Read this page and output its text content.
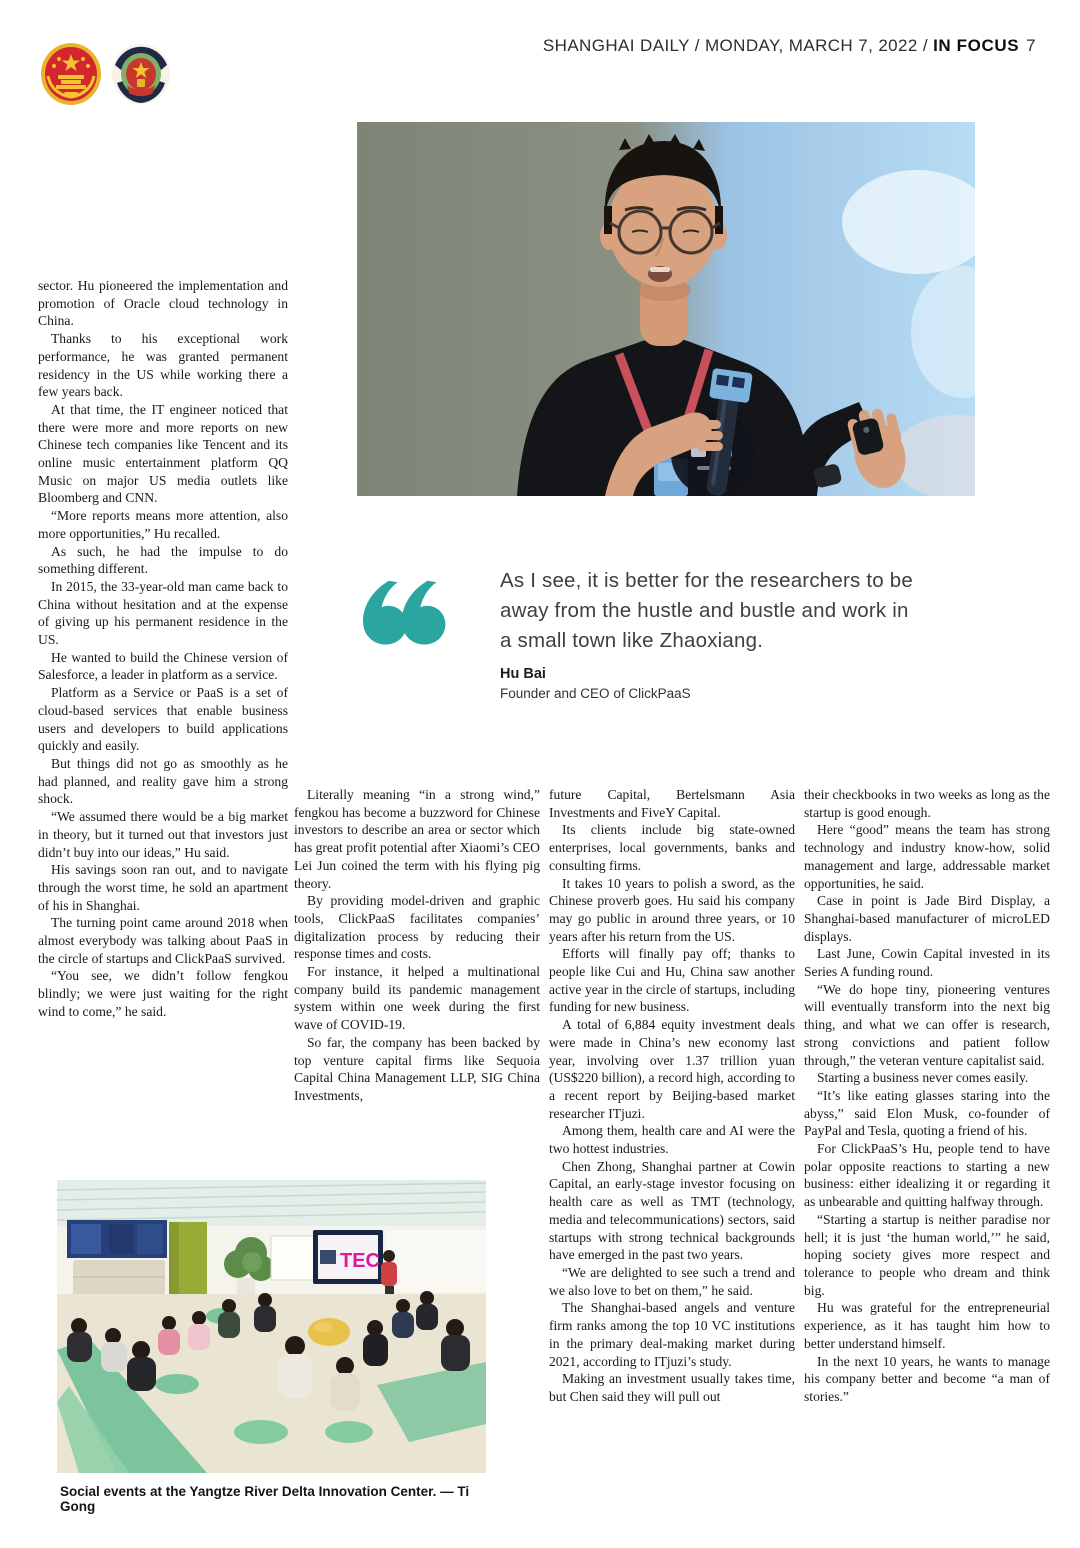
SHANGHAI DAILY / MONDAY, MARCH 7, 2022 / IN FOCUS 7
As I see, it is better for the researchers to be away from the hustle and bustle and work in a small town like Zhaoxiang.
Hu Bai
Founder and CEO of ClickPaaS

sector. Hu pioneered the implementation and promotion of Oracle cloud technology in China.

Thanks to his exceptional work performance, he was granted permanent residency in the US while working there a few years back.

At that time, the IT engineer noticed that there were more and more reports on new Chinese tech companies like Tencent and its online music entertainment platform QQ Music on major US media outlets like Bloomberg and CNN.

“More reports means more attention, also more opportunities,” Hu recalled.

As such, he had the impulse to do something different.

In 2015, the 33-year-old man came back to China without hesitation and at the expense of giving up his permanent residence in the US.

He wanted to build the Chinese version of Salesforce, a leader in platform as a service.

Platform as a Service or PaaS is a set of cloud-based services that enable business users and developers to build applications quickly and easily.

But things did not go as smoothly as he had planned, and reality gave him a strong shock.

“We assumed there would be a big market in theory, but it turned out that investors just didn’t buy into our ideas,” Hu said.

His savings soon ran out, and to navigate through the worst time, he sold an apartment of his in Shanghai.

The turning point came around 2018 when almost everybody was talking about PaaS in the circle of startups and ClickPaaS survived.

“You see, we didn’t follow fengkou blindly; we were just waiting for the right wind to come,” he said.

Literally meaning “in a strong wind,” fengkou has become a buzzword for Chinese investors to describe an area or sector which has great profit potential after Xiaomi’s CEO Lei Jun coined the term with his flying pig theory.

By providing model-driven and graphic tools, ClickPaaS facilitates companies’ digitalization process by reducing their response times and costs.

For instance, it helped a multinational company build its pandemic management system within one week during the first wave of COVID-19.

So far, the company has been backed by top venture capital firms like Sequoia Capital China Management LLP, SIG China Investments,

future Capital, Bertelsmann Asia Investments and FiveY Capital.

Its clients include big state-owned enterprises, local governments, banks and consulting firms.

It takes 10 years to polish a sword, as the Chinese proverb goes. Hu said his company may go public in around three years, or 10 years after his return from the US.

Efforts will finally pay off; thanks to people like Cui and Hu, China saw another active year in the circle of startups, including funding for new business.

A total of 6,884 equity investment deals were made in China’s new economy last year, involving over 1.37 trillion yuan (US$220 billion), a record high, according to a recent report by Beijing-based market researcher ITjuzi.

Among them, health care and AI were the two hottest industries.

Chen Zhong, Shanghai partner at Cowin Capital, an early-stage investor focusing on health care as well as TMT (technology, media and telecommunications) sectors, said startups with strong technical backgrounds have emerged in the past two years.

“We are delighted to see such a trend and we also love to bet on them,” he said.

The Shanghai-based angels and venture firm ranks among the top 10 VC institutions in the primary deal-making market during 2021, according to ITjuzi’s study.

Making an investment usually takes time, but Chen said they will pull out

their checkbooks in two weeks as long as the startup is good enough.

Here “good” means the team has strong technology and industry know-how, solid management and large, addressable market opportunities, he said.

Case in point is Jade Bird Display, a Shanghai-based manufacturer of microLED displays.

Last June, Cowin Capital invested in its Series A funding round.

“We do hope tiny, pioneering ventures will eventually transform into the next big thing, and what we can offer is research, strong convictions and patient follow through,” the veteran venture capitalist said.

Starting a business never comes easily.

“It’s like eating glasses staring into the abyss,” said Elon Musk, co-founder of PayPal and Tesla, quoting a friend of his.

For ClickPaaS’s Hu, people tend to have polar opposite reactions to starting a new business: either idealizing it or regarding it as unbearable and quitting halfway through.

“Starting a startup is neither paradise nor hell; it is just ‘the human world,’” he said, hoping society gives more respect and tolerance to people who dream and think big.

Hu was grateful for the entrepreneurial experience, as it has taught him how to better understand himself.

In the next 10 years, he wants to manage his company better and become “a man of stories.”

TEC
Social events at the Yangtze River Delta Innovation Center. — Ti Gong
